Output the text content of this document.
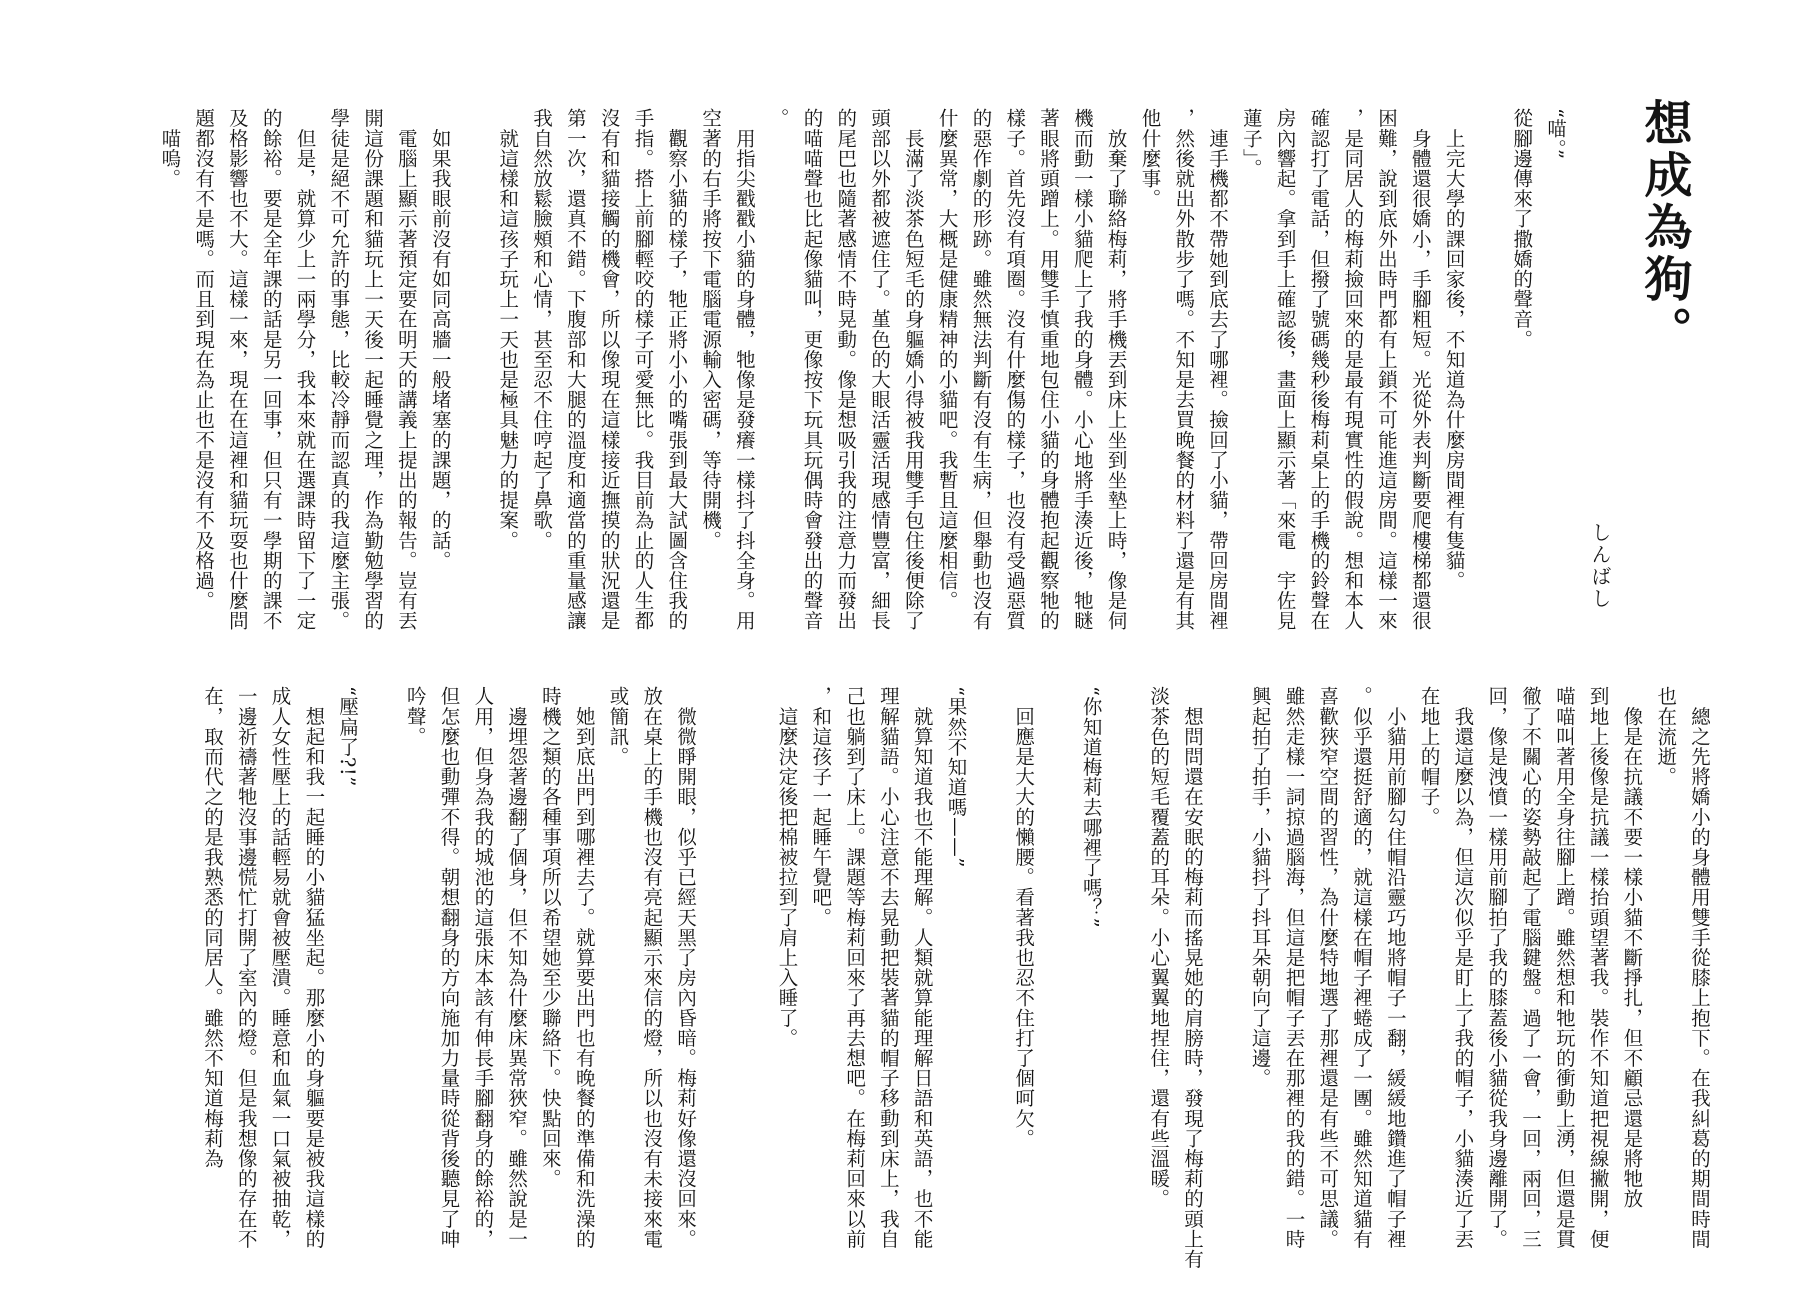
想成為狗。
しんばし
“喵。”
從腳邊傳來了撒嬌的聲音。

　上完大學的課回家後，不知道為什麼房間裡有隻貓。
　身體還很嬌小，手腳粗短。光從外表判斷要爬樓梯都還很
困難，說到底外出時門都有上鎖不可能進這房間。這樣一來
，是同居人的梅莉撿回來的是最有現實性的假說。想和本人
確認打了電話，但撥了號碼幾秒後梅莉桌上的手機的鈴聲在
房內響起。拿到手上確認後，畫面上顯示著「來電　宇佐見
蓮子」。
　連手機都不帶她到底去了哪裡。撿回了小貓，帶回房間裡
，然後就出外散步了嗎。不知是去買晚餐的材料了還是有其
他什麼事。
　放棄了聯絡梅莉，將手機丟到床上坐到坐墊上時，像是伺
機而動一樣小貓爬上了我的身體。小心地將手湊近後，牠瞇
著眼將頭蹭上。用雙手慎重地包住小貓的身體抱起觀察牠的
樣子。首先沒有項圈。沒有什麼傷的樣子，也沒有受過惡質
的惡作劇的形跡。雖然無法判斷有沒有生病，但舉動也沒有
什麼異常，大概是健康精神的小貓吧。我暫且這麼相信。
　長滿了淡茶色短毛的身軀嬌小得被我用雙手包住後便除了
頭部以外都被遮住了。堇色的大眼活靈活現感情豐富，細長
的尾巴也隨著感情不時晃動。像是想吸引我的注意力而發出
的喵喵聲也比起像貓叫，更像按下玩具玩偶時會發出的聲音
。
　用指尖戳戳小貓的身體，牠像是發癢一樣抖了抖全身。用
空著的右手將按下電腦電源輸入密碼，等待開機。
　觀察小貓的樣子，牠正將小小的嘴張到最大試圖含住我的
手指。搭上前腳輕咬的樣子可愛無比。我目前為止的人生都
沒有和貓接觸的機會，所以像現在這樣接近撫摸的狀況還是
第一次，還真不錯。下腹部和大腿的溫度和適當的重量感讓
我自然放鬆臉頰和心情，甚至忍不住哼起了鼻歌。
　就這樣和這孩子玩上一天也是極具魅力的提案。

　如果我眼前沒有如同高牆一般堵塞的課題，的話。
　電腦上顯示著預定要在明天的講義上提出的報告。豈有丟
開這份課題和貓玩上一天後一起睡覺之理，作為勤勉學習的
學徒是絕不可允許的事態，比較冷靜而認真的我這麼主張。
　但是，就算少上一兩學分，我本來就在選課時留下了一定
的餘裕。要是全年課的話是另一回事，但只有一學期的課不
及格影響也不大。這樣一來，現在在這裡和貓玩耍也什麼問
題都沒有不是嗎。而且到現在為止也不是沒有不及格過。
　喵嗚。
　總之先將嬌小的身體用雙手從膝上抱下。在我糾葛的期間時間
也在流逝。
　像是在抗議不要一樣小貓不斷掙扎，但不顧忌還是將牠放
到地上後像是抗議一樣抬頭望著我。裝作不知道把視線撇開，便
喵喵叫著用全身往腳上蹭。雖然想和牠玩的衝動上湧，但還是貫
徹了不關心的姿勢敲起了電腦鍵盤。過了一會，一回，兩回，三
回，像是洩憤一樣用前腳拍了我的膝蓋後小貓從我身邊離開了。
　我還這麼以為，但這次似乎是盯上了我的帽子，小貓湊近了丟
在地上的帽子。
　小貓用前腳勾住帽沿靈巧地將帽子一翻，緩緩地鑽進了帽子裡
。似乎還挺舒適的，就這樣在帽子裡蜷成了一團。雖然知道貓有
喜歡狹窄空間的習性，為什麼特地選了那裡還是有些不可思議。
雖然走樣一詞掠過腦海，但這是把帽子丟在那裡的我的錯。一時
興起拍了拍手，小貓抖了抖耳朵朝向了這邊。

　想問問還在安眠的梅莉而搖晃她的肩膀時，發現了梅莉的頭上有
淡茶色的短毛覆蓋的耳朵。小心翼翼地捏住，還有些溫暖。

“你知道梅莉去哪裡了嗎？”

　回應是大大的懶腰。看著我也忍不住打了個呵欠。

“果然不知道嗎——”
　就算知道我也不能理解。人類就算能理解日語和英語，也不能
理解貓語。小心注意不去晃動把裝著貓的帽子移動到床上，我自
己也躺到了床上。課題等梅莉回來了再去想吧。在梅莉回來以前
，和這孩子一起睡午覺吧。
　這麼決定後把棉被拉到了肩上入睡了。

　微微睜開眼，似乎已經天黑了房內昏暗。梅莉好像還沒回來。
放在桌上的手機也沒有亮起顯示來信的燈，所以也沒有未接來電
或簡訊。
　她到底出門到哪裡去了。就算要出門也有晚餐的準備和洗澡的
時機之類的各種事項所以希望她至少聯絡下。快點回來。
　邊埋怨著邊翻了個身，但不知為什麼床異常狹窄。雖然說是一
人用，但身為我的城池的這張床本該有伸長手腳翻身的餘裕的，
但怎麼也動彈不得。朝想翻身的方向施加力量時從背後聽見了呻
吟聲。

“壓扁了?!”
　想起和我一起睡的小貓猛坐起。那麼小的身軀要是被我這樣的
成人女性壓上的話輕易就會被壓潰。睡意和血氣一口氣被抽乾，
一邊祈禱著牠沒事邊慌忙打開了室內的燈。但是我想像的存在不
在，取而代之的是我熟悉的同居人。雖然不知道梅莉為
